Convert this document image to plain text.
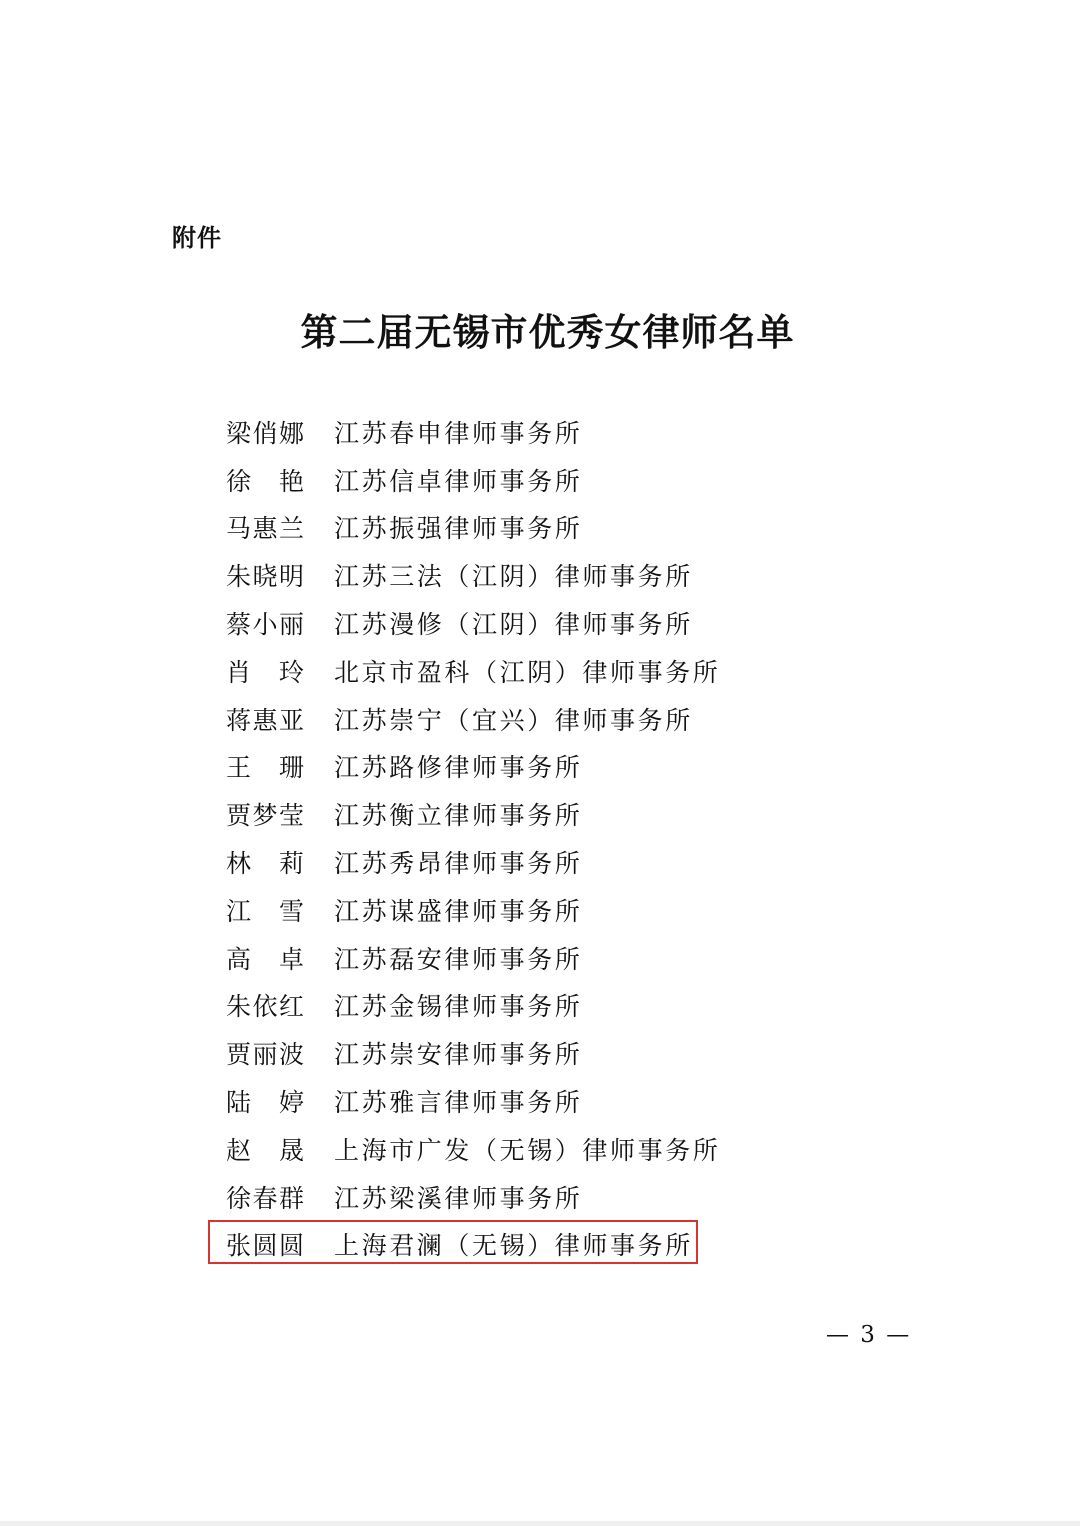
附件
第二届无锡市优秀女律师名单
梁 俏 娜 江苏春申律师事务所
徐 艳 江苏信卓律师事务所
马 惠 兰 江苏振强律师事务所
朱 晓 明 江苏三法（江阴）律师事务所
蔡 小 丽 江苏漫修（江阴）律师事务所
肖 玲 北京市盈科（江阴）律师事务所
蒋 惠 亚 江苏崇宁（宜兴）律师事务所
王 珊 江苏路修律师事务所
贾 梦 莹 江苏衡立律师事务所
林 莉 江苏秀昂律师事务所
江 雪 江苏谋盛律师事务所
高 卓 江苏磊安律师事务所
朱 依 红 江苏金锡律师事务所
贾 丽 波 江苏崇安律师事务所
陆 婷 江苏雅言律师事务所
赵 晟 上海市广发（无锡）律师事务所
徐 春 群 江苏梁溪律师事务所
张 圆 圆 上海君澜（无锡）律师事务所
— 3 —
